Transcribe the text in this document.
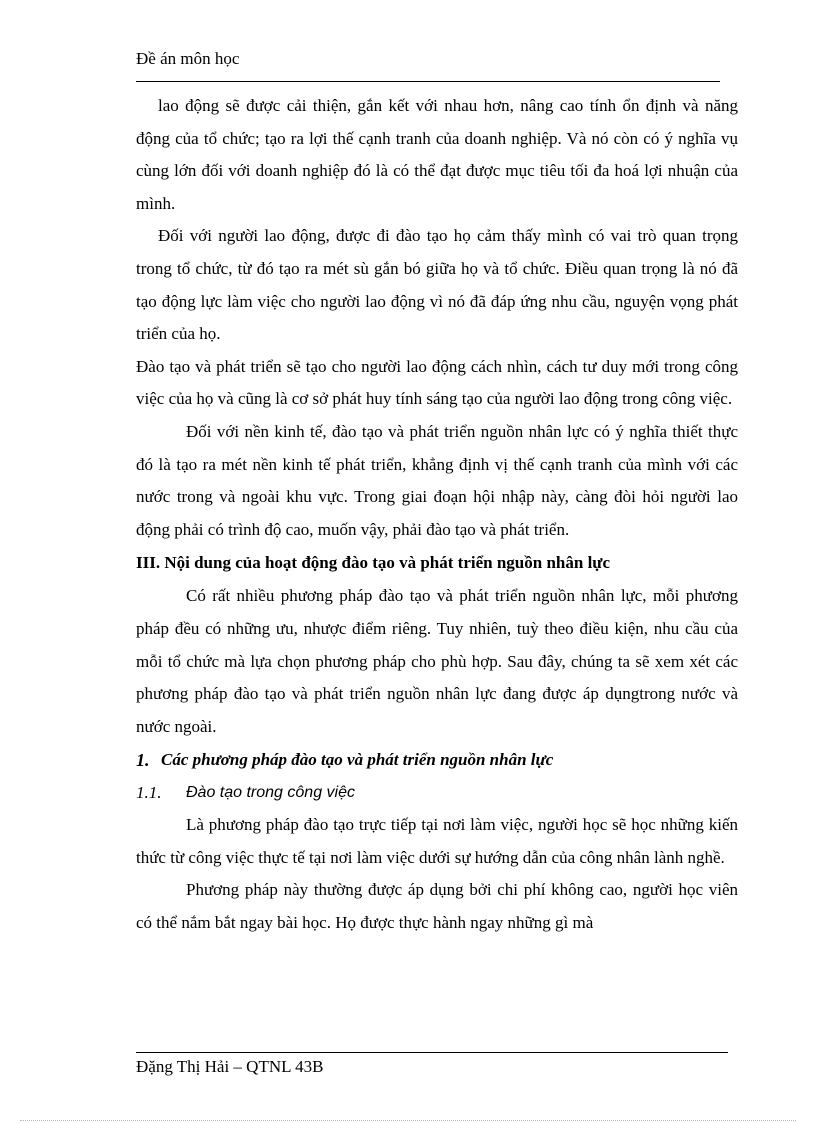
Đề án môn học

lao động sẽ được cải thiện, gắn kết với nhau hơn, nâng cao tính ổn định và năng động của tổ chức; tạo ra lợi thế cạnh tranh của doanh nghiệp. Và nó còn có ý nghĩa vụ cùng lớn đối với doanh nghiệp đó là có thể đạt được mục tiêu tối đa hoá lợi nhuận của mình.

Đối với người lao động, được đi đào tạo họ cảm thấy mình có vai trò quan trọng trong tổ chức, từ đó tạo ra mét sù gắn bó giữa họ và tổ chức. Điều quan trọng là nó đã tạo động lực làm việc cho người lao động vì nó đã đáp ứng nhu cầu, nguyện vọng phát triển của họ.

Đào tạo và phát triển sẽ tạo cho người lao động cách nhìn, cách tư duy mới trong công việc của họ và cũng là cơ sở phát huy tính sáng tạo của người lao động trong công việc.

Đối với nền kinh tế, đào tạo và phát triển nguồn nhân lực có ý nghĩa thiết thực đó là tạo ra mét nền kinh tế phát triển, khẳng định vị thế cạnh tranh của mình với các nước trong và ngoài khu vực. Trong giai đoạn hội nhập này, càng đòi hỏi người lao động phải có trình độ cao, muốn vậy, phải đào tạo và phát triển.

III. Nội dung của hoạt động đào tạo và phát triển nguồn nhân lực

Có rất nhiều phương pháp đào tạo và phát triển nguồn nhân lực, mỗi phương pháp đều có những ưu, nhược điểm riêng. Tuy nhiên, tuỳ theo điều kiện, nhu cầu của mỗi tổ chức mà lựa chọn phương pháp cho phù hợp. Sau đây, chúng ta sẽ xem xét các phương pháp đào tạo và phát triển nguồn nhân lực đang được áp dụngtrong nước và nước ngoài.

1. Các phương pháp đào tạo và phát triển nguồn nhân lực
1.1.	Đào tạo trong công việc

Là phương pháp đào tạo trực tiếp tại nơi làm việc, người học sẽ học những kiến thức từ công việc thực tế tại nơi làm việc dưới sự hướng dẫn của công nhân lành nghề.

Phương pháp này thường được áp dụng bởi chi phí không cao, người học viên có thể nắm bắt ngay bài học. Họ được thực hành ngay những gì mà

Đặng Thị Hải – QTNL 43B
